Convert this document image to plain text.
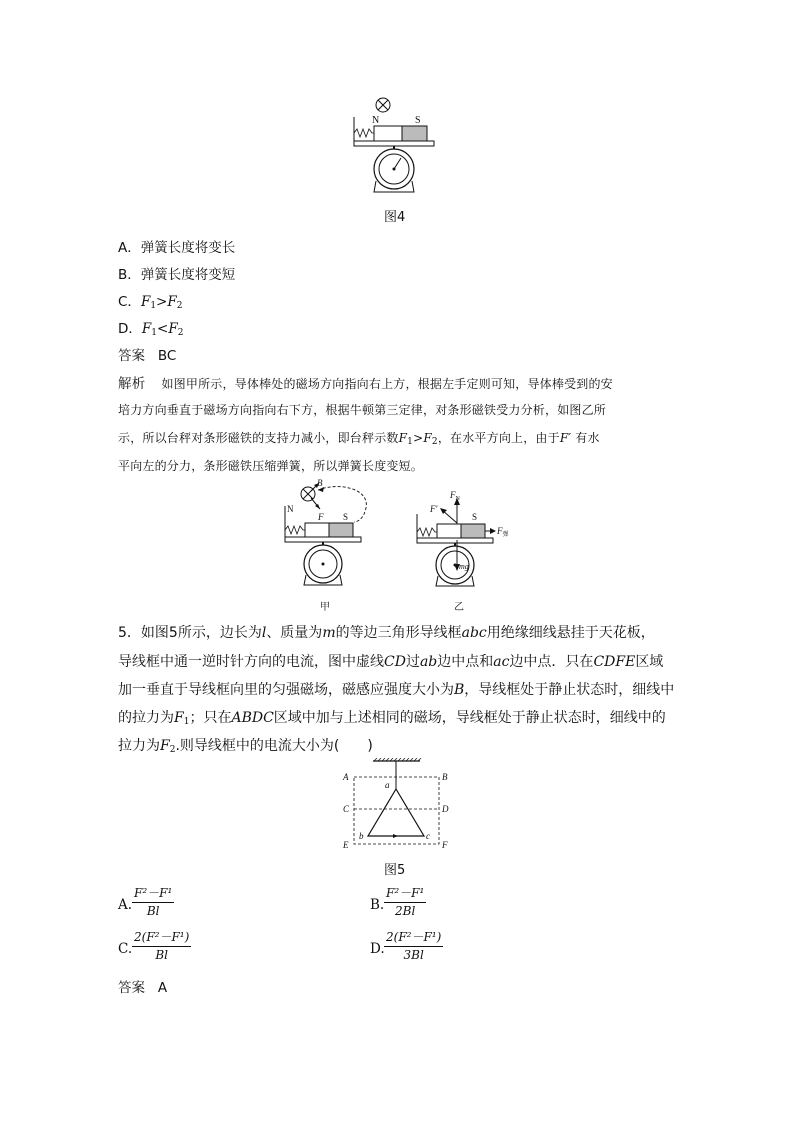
N	S
图4
A．弹簧长度将变长
B．弹簧长度将变短
C．$F_1>F_2$
D．$F_1<F_2$
答案 BC
解析 如图甲所示，导体棒处的磁场方向指向右上方，根据左手定则可知，导体棒受到的安
培力方向垂直于磁场方向指向右下方，根据牛顿第三定律，对条形磁铁受力分析，如图乙所
示，所以台秤对条形磁铁的支持力减小，即台秤示数$F_1>F_2$，在水平方向上，由于F′ 有水
平向左的分力，条形磁铁压缩弹簧，所以弹簧长度变短。
B
F
N
S
甲
$F_N$
F′
S
$F_弹$
mg
乙
5．如图5所示，边长为l、质量为m的等边三角形导线框abc用绝缘细线悬挂于天花板，
导线框中通一逆时针方向的电流，图中虚线CD过ab边中点和ac边中点．只在CDFE区域
加一垂直于导线框向里的匀强磁场，磁感应强度大小为B，导线框处于静止状态时，细线中
的拉力为$F_1$；只在ABDC区域中加与上述相同的磁场，导线框处于静止状态时，细线中的
拉力为$F_2$.则导线框中的电流大小为(　　)
A	B
C	D
E	F
a
b	c
图5
A. $\frac{\text{F²－F¹}}{Bl}$	B. $\frac{\text{F²－F¹}}{2Bl}$
C. $\frac{\text{2(F²－F¹)}}{Bl}$	D. $\frac{\text{2(F²－F¹)}}{3Bl}$
答案 A
